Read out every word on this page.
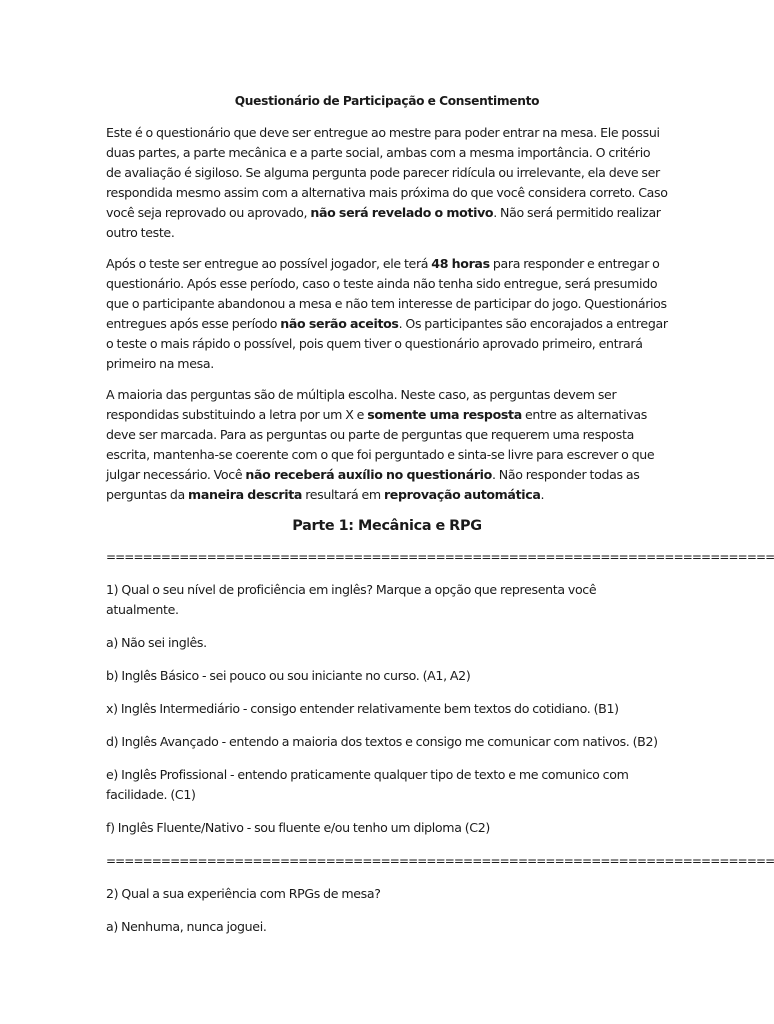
Questionário de Participação e Consentimento

Este é o questionário que deve ser entregue ao mestre para poder entrar na mesa. Ele possui duas partes, a parte mecânica e a parte social, ambas com a mesma importância. O critério de avaliação é sigiloso. Se alguma pergunta pode parecer ridícula ou irrelevante, ela deve ser respondida mesmo assim com a alternativa mais próxima do que você considera correto. Caso você seja reprovado ou aprovado, não será revelado o motivo. Não será permitido realizar outro teste.

Após o teste ser entregue ao possível jogador, ele terá 48 horas para responder e entregar o questionário. Após esse período, caso o teste ainda não tenha sido entregue, será presumido que o participante abandonou a mesa e não tem interesse de participar do jogo. Questionários entregues após esse período não serão aceitos. Os participantes são encorajados a entregar o teste o mais rápido o possível, pois quem tiver o questionário aprovado primeiro, entrará primeiro na mesa.

A maioria das perguntas são de múltipla escolha. Neste caso, as perguntas devem ser respondidas substituindo a letra por um X e somente uma resposta entre as alternativas deve ser marcada. Para as perguntas ou parte de perguntas que requerem uma resposta escrita, mantenha-se coerente com o que foi perguntado e sinta-se livre para escrever o que julgar necessário. Você não receberá auxílio no questionário. Não responder todas as perguntas da maneira descrita resultará em reprovação automática.

Parte 1: Mecânica e RPG
=========================================================================
1) Qual o seu nível de proficiência em inglês? Marque a opção que representa você atualmente.
a) Não sei inglês.
b) Inglês Básico - sei pouco ou sou iniciante no curso. (A1, A2)
x) Inglês Intermediário - consigo entender relativamente bem textos do cotidiano. (B1)
d) Inglês Avançado - entendo a maioria dos textos e consigo me comunicar com nativos. (B2)
e) Inglês Profissional - entendo praticamente qualquer tipo de texto e me comunico com facilidade. (C1)
f) Inglês Fluente/Nativo - sou fluente e/ou tenho um diploma (C2)
=========================================================================
2) Qual a sua experiência com RPGs de mesa?
a) Nenhuma, nunca joguei.
